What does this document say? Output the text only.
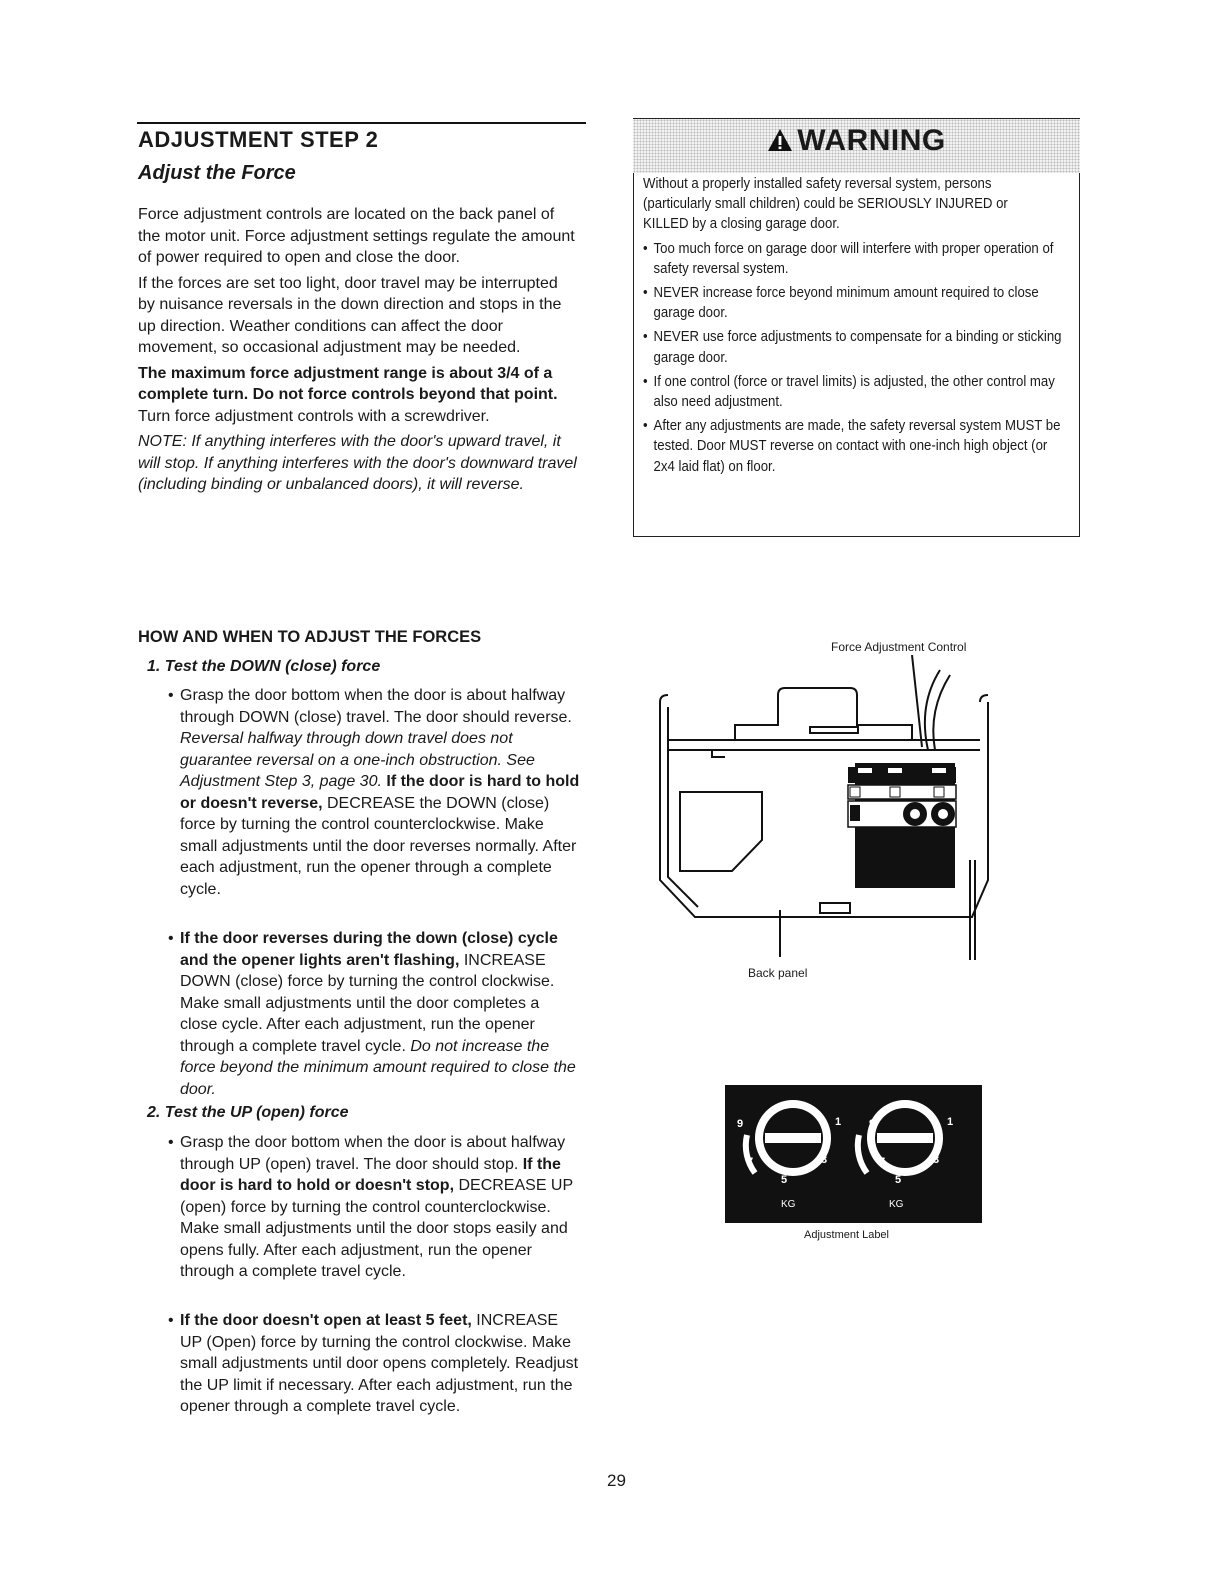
ADJUSTMENT STEP 2
Adjust the Force

Force adjustment controls are located on the back panel of the motor unit. Force adjustment settings regulate the amount of power required to open and close the door.

If the forces are set too light, door travel may be interrupted by nuisance reversals in the down direction and stops in the up direction. Weather conditions can affect the door movement, so occasional adjustment may be needed.

The maximum force adjustment range is about 3/4 of a complete turn. Do not force controls beyond that point. Turn force adjustment controls with a screwdriver.

NOTE: If anything interferes with the door's upward travel, it will stop. If anything interferes with the door's downward travel (including binding or unbalanced doors), it will reverse.

HOW AND WHEN TO ADJUST THE FORCES
1. Test the DOWN (close) force
• Grasp the door bottom when the door is about halfway through DOWN (close) travel. The door should reverse. Reversal halfway through down travel does not guarantee reversal on a one-inch obstruction. See Adjustment Step 3, page 30. If the door is hard to hold or doesn't reverse, DECREASE the DOWN (close) force by turning the control counterclockwise. Make small adjustments until the door reverses normally. After each adjustment, run the opener through a complete cycle.
• If the door reverses during the down (close) cycle and the opener lights aren't flashing, INCREASE DOWN (close) force by turning the control clockwise. Make small adjustments until the door completes a close cycle. After each adjustment, run the opener through a complete travel cycle. Do not increase the force beyond the minimum amount required to close the door.
2. Test the UP (open) force
• Grasp the door bottom when the door is about halfway through UP (open) travel. The door should stop. If the door is hard to hold or doesn't stop, DECREASE UP (open) force by turning the control counterclockwise. Make small adjustments until the door stops easily and opens fully. After each adjustment, run the opener through a complete travel cycle.
• If the door doesn't open at least 5 feet, INCREASE UP (Open) force by turning the control clockwise. Make small adjustments until door opens completely. Readjust the UP limit if necessary. After each adjustment, run the opener through a complete travel cycle.
WARNING

Without a properly installed safety reversal system, persons (particularly small children) could be SERIOUSLY INJURED or KILLED by a closing garage door.

• Too much force on garage door will interfere with proper operation of safety reversal system.

• NEVER increase force beyond minimum amount required to close garage door.

• NEVER use force adjustments to compensate for a binding or sticking garage door.

• If one control (force or travel limits) is adjusted, the other control may also need adjustment.

• After any adjustments are made, the safety reversal system MUST be tested. Door MUST reverse on contact with one-inch high object (or 2x4 laid flat) on floor.

Force Adjustment Control
Back panel
9
7
5
3
1
KG
9
7
5
3
1
KG
Adjustment Label
29
